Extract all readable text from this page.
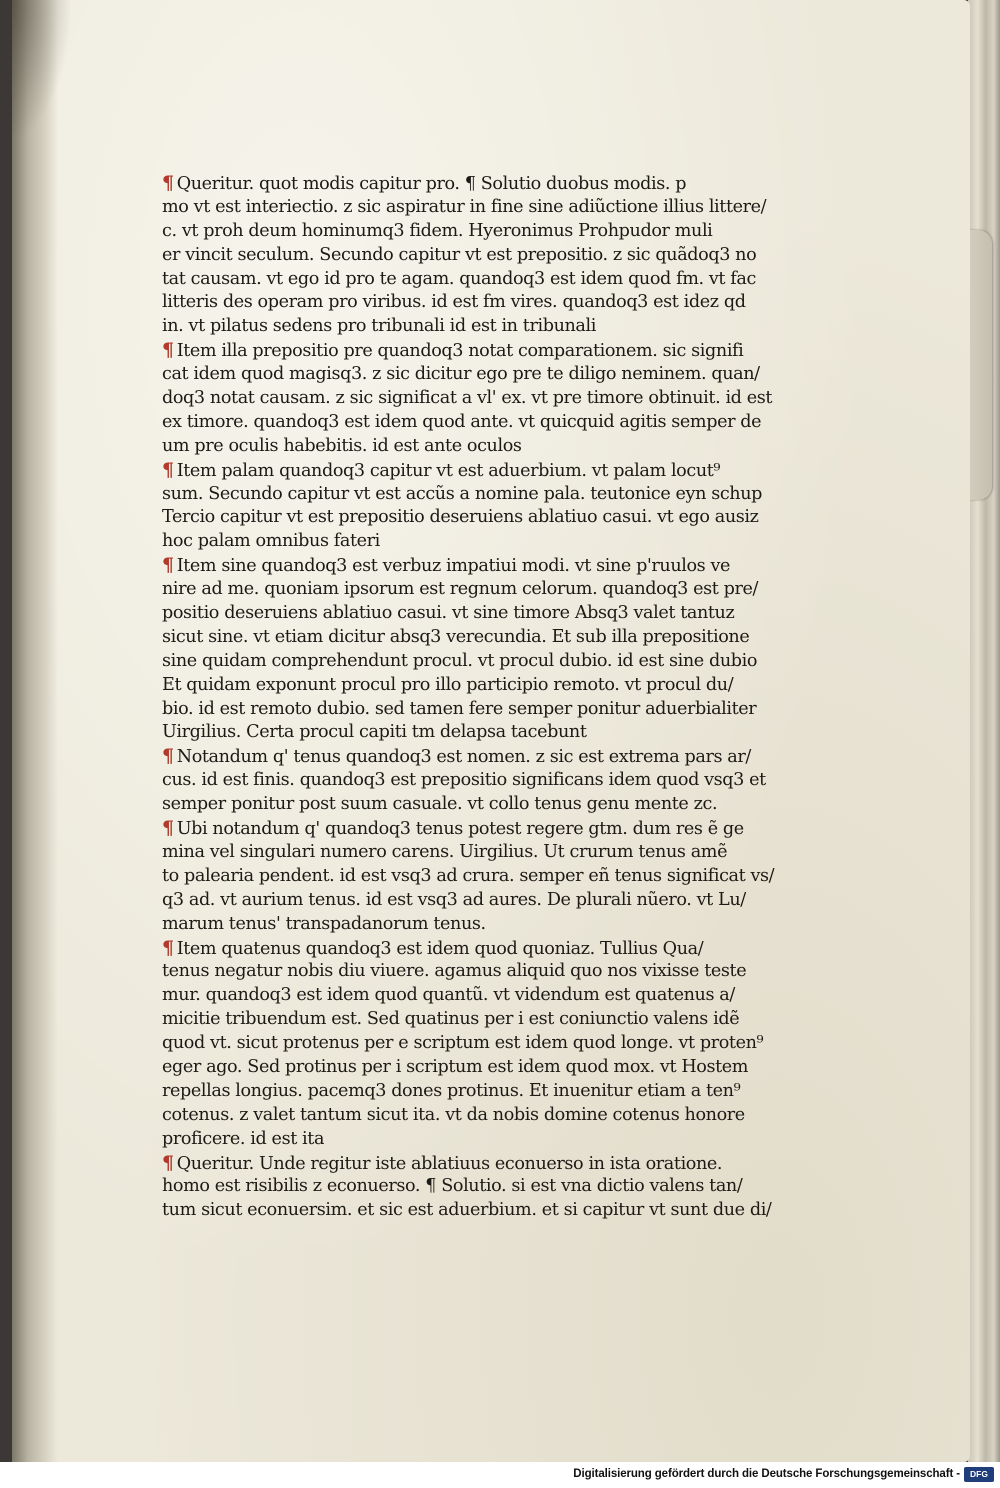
¶ Queritur. quot modis capitur pro. ¶ Solutio duobus modis. p
mo vt est interiectio. z sic aspiratur in fine sine adiũctione illius littere/
c. vt proh deum hominumq3 fidem. Hyeronimus Prohpudor muli
er vincit seculum. Secundo capitur vt est prepositio. z sic quãdoq3 no
tat causam. vt ego id pro te agam. quandoq3 est idem quod fm. vt fac
litteris des operam pro viribus. id est fm vires. quandoq3 est idez qd
in. vt pilatus sedens pro tribunali id est in tribunali
¶ Item illa prepositio pre quandoq3 notat comparationem. sic signifi
cat idem quod magisq3. z sic dicitur ego pre te diligo neminem. quan/
doq3 notat causam. z sic significat a vl' ex. vt pre timore obtinuit. id est
ex timore. quandoq3 est idem quod ante. vt quicquid agitis semper de
um pre oculis habebitis. id est ante oculos
¶ Item palam quandoq3 capitur vt est aduerbium. vt palam locut⁹
sum. Secundo capitur vt est accũs a nomine pala. teutonice eyn schup
Tercio capitur vt est prepositio deseruiens ablatiuo casui. vt ego ausiz
hoc palam omnibus fateri
¶ Item sine quandoq3 est verbuz impatiui modi. vt sine p'ruulos ve
nire ad me. quoniam ipsorum est regnum celorum. quandoq3 est pre/
positio deseruiens ablatiuo casui. vt sine timore Absq3 valet tantuz
sicut sine. vt etiam dicitur absq3 verecundia. Et sub illa prepositione
sine quidam comprehendunt procul. vt procul dubio. id est sine dubio
Et quidam exponunt procul pro illo participio remoto. vt procul du/
bio. id est remoto dubio. sed tamen fere semper ponitur aduerbialiter
Uirgilius. Certa procul capiti tm delapsa tacebunt
¶ Notandum q' tenus quandoq3 est nomen. z sic est extrema pars ar/
cus. id est finis. quandoq3 est prepositio significans idem quod vsq3 et
semper ponitur post suum casuale. vt collo tenus genu mente zc.
¶ Ubi notandum q' quandoq3 tenus potest regere gtm. dum res ẽ ge
mina vel singulari numero carens. Uirgilius. Ut crurum tenus amẽ
to palearia pendent. id est vsq3 ad crura. semper eñ tenus significat vs/
q3 ad. vt aurium tenus. id est vsq3 ad aures. De plurali nũero. vt Lu/
marum tenus' transpadanorum tenus.
¶ Item quatenus quandoq3 est idem quod quoniaz. Tullius Qua/
tenus negatur nobis diu viuere. agamus aliquid quo nos vixisse teste
mur. quandoq3 est idem quod quantũ. vt videndum est quatenus a/
micitie tribuendum est. Sed quatinus per i est coniunctio valens idẽ
quod vt. sicut protenus per e scriptum est idem quod longe. vt proten⁹
eger ago. Sed protinus per i scriptum est idem quod mox. vt Hostem
repellas longius. pacemq3 dones protinus. Et inuenitur etiam a ten⁹
cotenus. z valet tantum sicut ita. vt da nobis domine cotenus honore
proficere. id est ita
¶ Queritur. Unde regitur iste ablatiuus econuerso in ista oratione.
homo est risibilis z econuerso. ¶ Solutio. si est vna dictio valens tan/
tum sicut econuersim. et sic est aduerbium. et si capitur vt sunt due di/
Digitalisierung gefördert durch die Deutsche Forschungsgemeinschaft -	DFG
